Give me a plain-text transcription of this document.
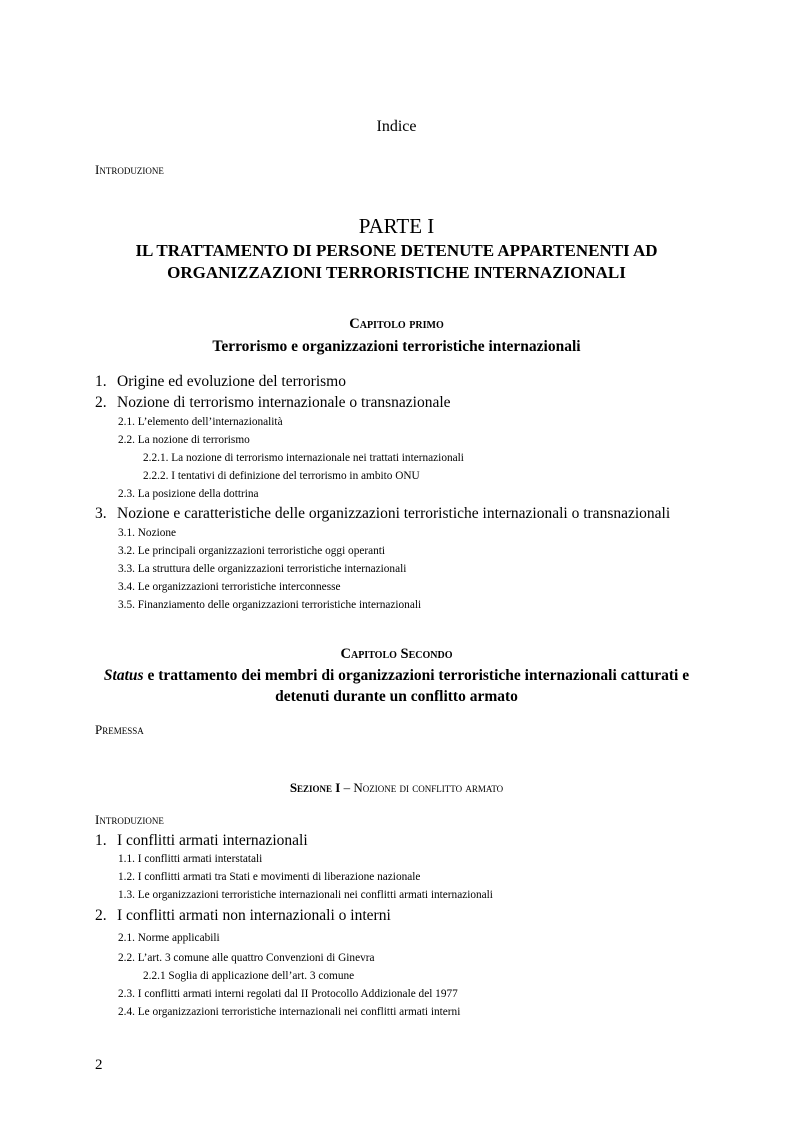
Indice
Introduzione
PARTE I
IL TRATTAMENTO DI PERSONE DETENUTE APPARTENENTI AD
ORGANIZZAZIONI TERRORISTICHE INTERNAZIONALI
Capitolo primo
Terrorismo e organizzazioni terroristiche internazionali
1. Origine ed evoluzione del terrorismo
2. Nozione di terrorismo internazionale o transnazionale
2.1. L’elemento dell’internazionalità
2.2. La nozione di terrorismo
2.2.1. La nozione di terrorismo internazionale nei trattati internazionali
2.2.2. I tentativi di definizione del terrorismo in ambito ONU
2.3. La posizione della dottrina
3. Nozione e caratteristiche delle organizzazioni terroristiche internazionali o transnazionali
3.1. Nozione
3.2. Le principali organizzazioni terroristiche oggi operanti
3.3. La struttura delle organizzazioni terroristiche internazionali
3.4. Le organizzazioni terroristiche interconnesse
3.5. Finanziamento delle organizzazioni terroristiche internazionali
Capitolo Secondo
Status e trattamento dei membri di organizzazioni terroristiche internazionali catturati e
detenuti durante un conflitto armato
Premessa
Sezione I – Nozione di conflitto armato
Introduzione
1. I conflitti armati internazionali
1.1. I conflitti armati interstatali
1.2. I conflitti armati tra Stati e movimenti di liberazione nazionale
1.3. Le organizzazioni terroristiche internazionali nei conflitti armati internazionali
2. I conflitti armati non internazionali o interni
2.1. Norme applicabili
2.2. L’art. 3 comune alle quattro Convenzioni di Ginevra
2.2.1 Soglia di applicazione dell’art. 3 comune
2.3. I conflitti armati interni regolati dal II Protocollo Addizionale del 1977
2.4. Le organizzazioni terroristiche internazionali nei conflitti armati interni
2
